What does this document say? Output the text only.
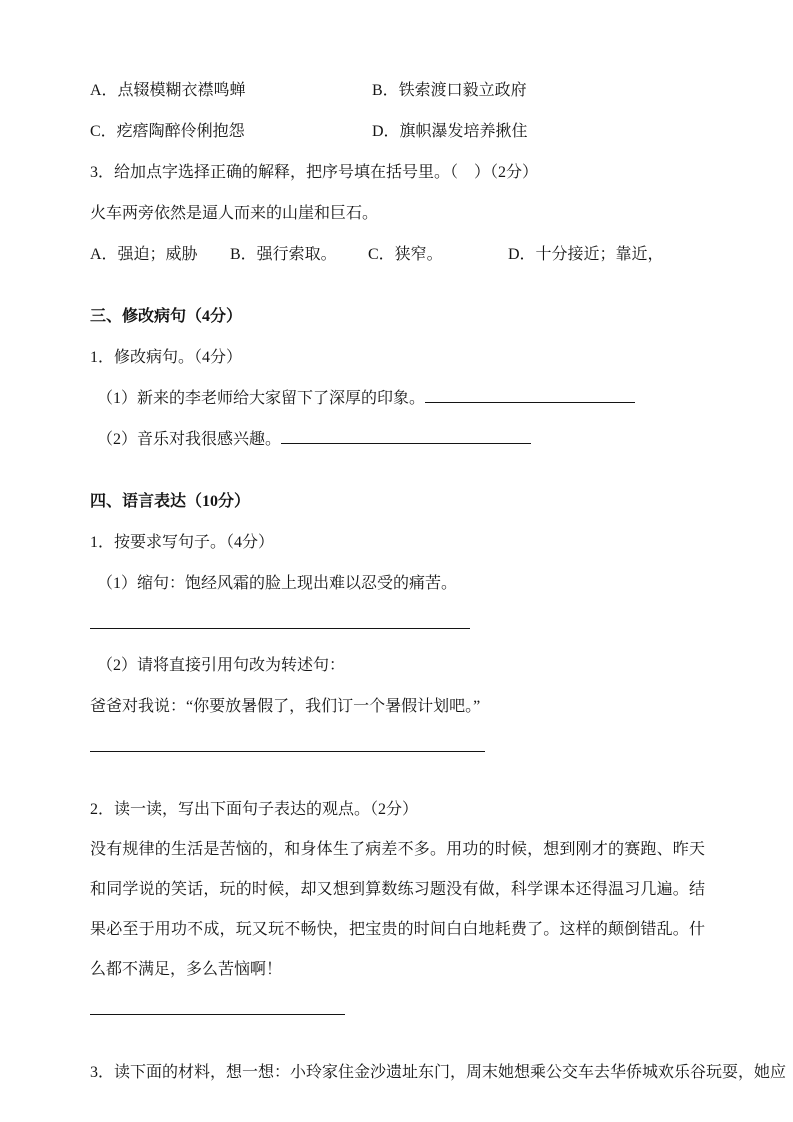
A．点辍模糊衣襟鸣蝉	B．铁索渡口毅立政府
C．疙瘩陶醉伶俐抱怨	D．旗帜瀑发培养揪住
3．给加点字选择正确的解释，把序号填在括号里。（　）（2分）
火车两旁依然是逼人而来的山崖和巨石。
A．强迫；威胁	B．强行索取。	C．狭窄。	D．十分接近；靠近，
三、修改病句（4分）
1．修改病句。（4分）
（1）新来的李老师给大家留下了深厚的印象。
（2）音乐对我很感兴趣。
四、语言表达（10分）
1．按要求写句子。（4分）
（1）缩句：饱经风霜的脸上现出难以忍受的痛苦。
（2）请将直接引用句改为转述句：
爸爸对我说：“你要放暑假了，我们订一个暑假计划吧。”
2．读一读，写出下面句子表达的观点。（2分）
没有规律的生活是苦恼的，和身体生了病差不多。用功的时候，想到刚才的赛跑、昨天和同学说的笑话，玩的时候，却又想到算数练习题没有做，科学课本还得温习几遍。结果必至于用功不成，玩又玩不畅快，把宝贵的时间白白地耗费了。这样的颠倒错乱。什么都不满足，多么苦恼啊！
3．读下面的材料，想一想：小玲家住金沙遗址东门，周末她想乘公交车去华侨城欢乐谷玩耍，她应
